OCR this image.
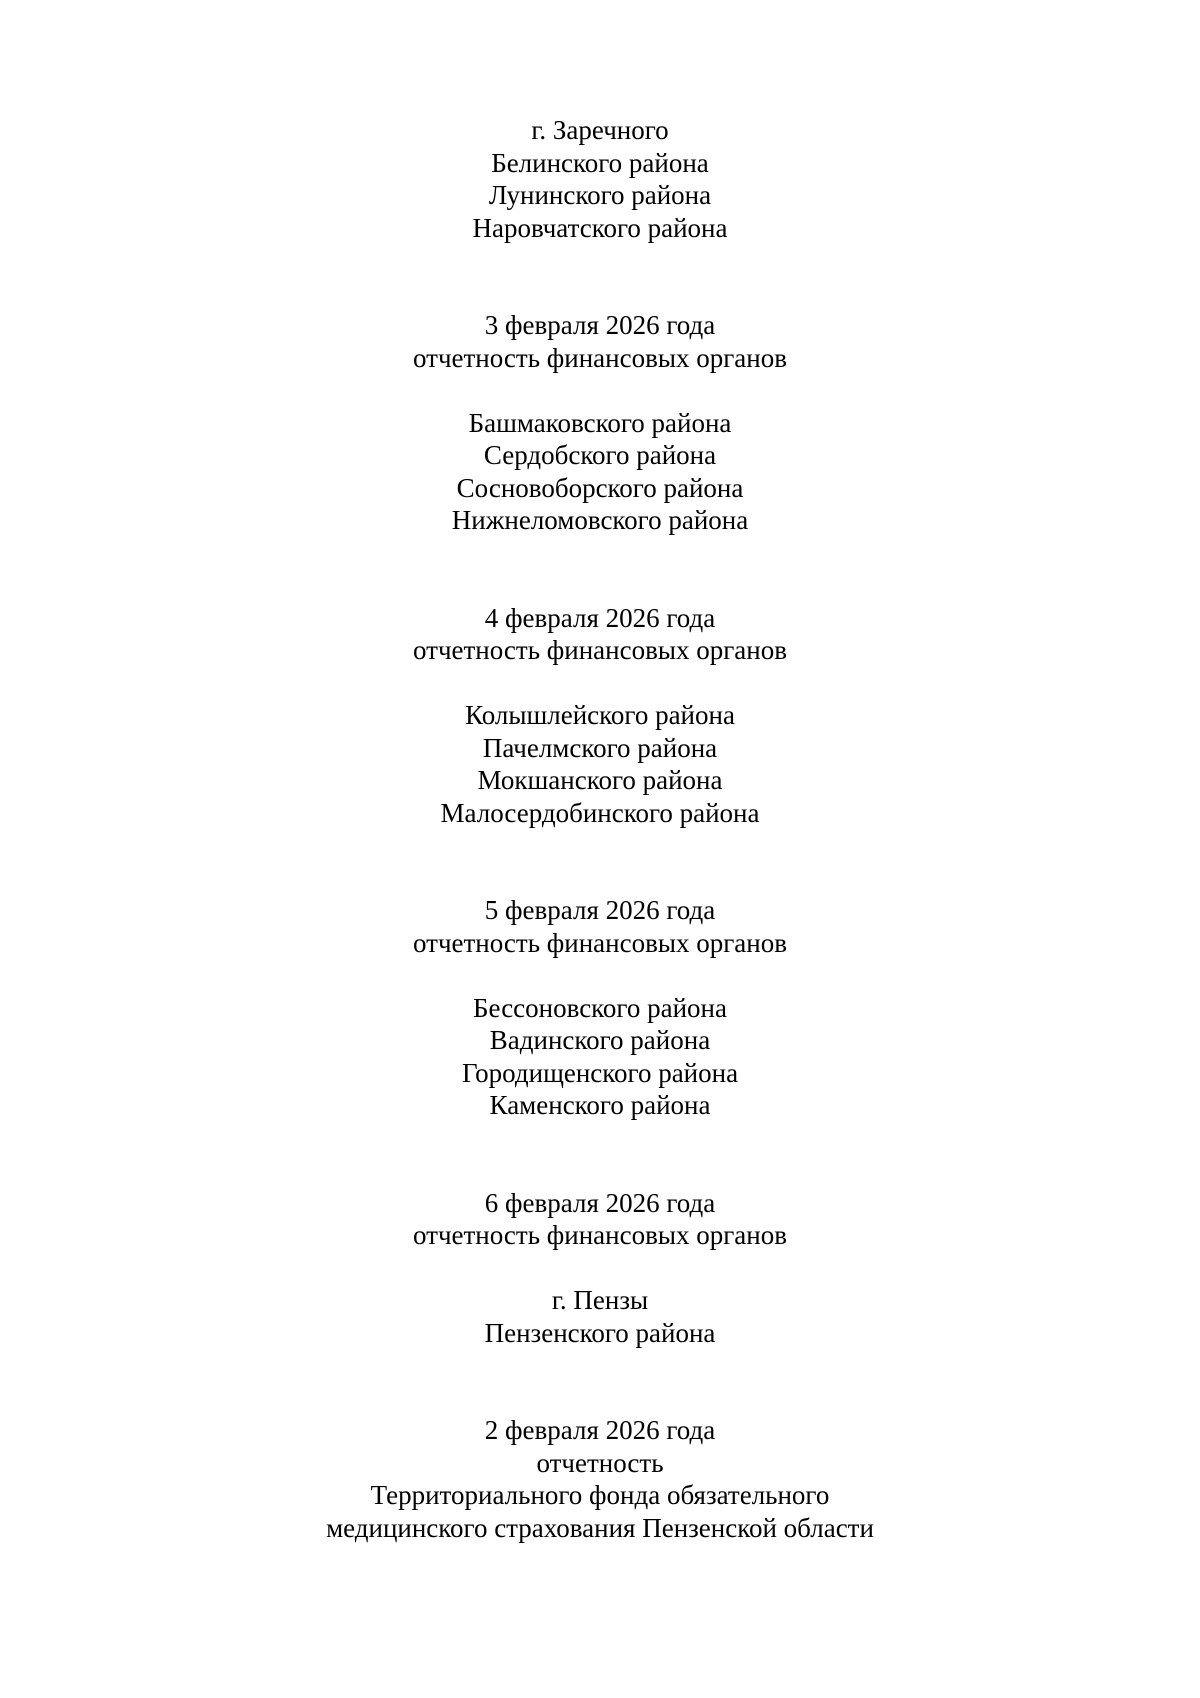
г. Заречного
Белинского района
Лунинского района
Наровчатского района
3 февраля 2026 года
отчетность финансовых органов
Башмаковского района
Сердобского района
Сосновоборского района
Нижнеломовского района
4 февраля 2026 года
отчетность финансовых органов
Колышлейского района
Пачелмского района
Мокшанского района
Малосердобинского района
5 февраля 2026 года
отчетность финансовых органов
Бессоновского района
Вадинского района
Городищенского района
Каменского района
6 февраля 2026 года
отчетность финансовых органов
г. Пензы
Пензенского района
2 февраля 2026 года
отчетность
Территориального фонда обязательного
медицинского страхования Пензенской области
